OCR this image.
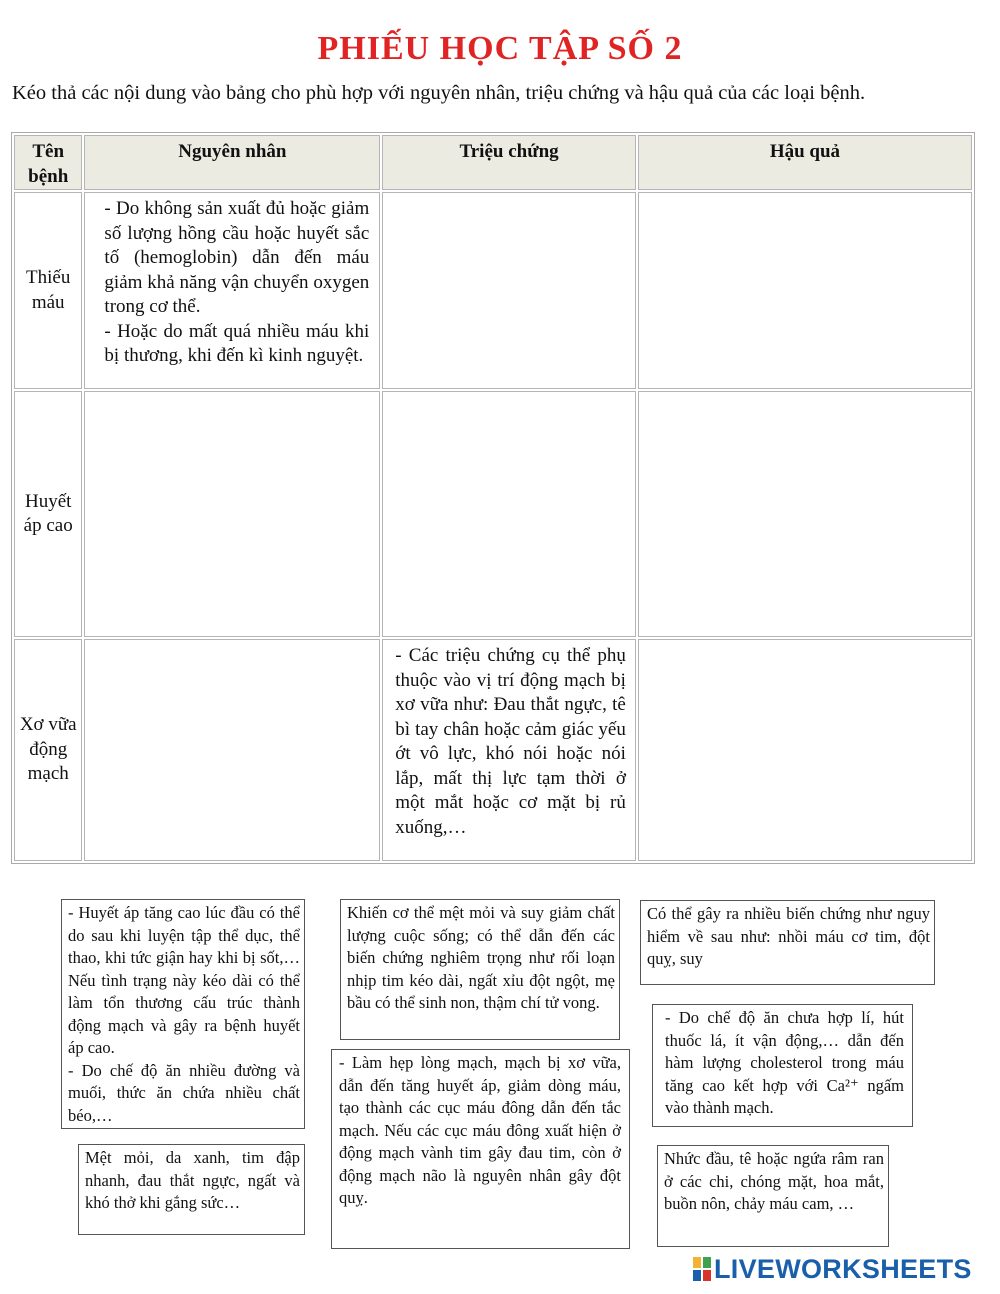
PHIẾU HỌC TẬP SỐ 2
Kéo thả các nội dung vào bảng cho phù hợp với nguyên nhân, triệu chứng và hậu quả của các loại bệnh.
Tên bệnh	Nguyên nhân	Triệu chứng	Hậu quả
Thiếu máu	- Do không sản xuất đủ hoặc giảm số lượng hồng cầu hoặc huyết sắc tố (hemoglobin) dẫn đến máu giảm khả năng vận chuyển oxygen trong cơ thể.
- Hoặc do mất quá nhiều máu khi bị thương, khi đến kì kinh nguyệt.		

Huyết áp cao			
Xơ vữa động mạch		- Các triệu chứng cụ thể phụ thuộc vào vị trí động mạch bị xơ vữa như: Đau thắt ngực, tê bì tay chân hoặc cảm giác yếu ớt vô lực, khó nói hoặc nói lắp, mất thị lực tạm thời ở một mắt hoặc cơ mặt bị rủ xuống,…	
- Huyết áp tăng cao lúc đầu có thể do sau khi luyện tập thể dục, thể thao, khi tức giận hay khi bị sốt,… Nếu tình trạng này kéo dài có thể làm tổn thương cấu trúc thành động mạch và gây ra bệnh huyết áp cao.
- Do chế độ ăn nhiều đường và muối, thức ăn chứa nhiều chất béo,…
Khiến cơ thể mệt mỏi và suy giảm chất lượng cuộc sống; có thể dẫn đến các biến chứng nghiêm trọng như rối loạn nhịp tim kéo dài, ngất xỉu đột ngột, mẹ bầu có thể sinh non, thậm chí tử vong.
Có thể gây ra nhiều biến chứng như nguy hiểm về sau như: nhồi máu cơ tim, đột quỵ, suy
- Do chế độ ăn chưa hợp lí, hút thuốc lá, ít vận động,… dẫn đến hàm lượng cholesterol trong máu tăng cao kết hợp với Ca²⁺ ngấm vào thành mạch.
- Làm hẹp lòng mạch, mạch bị xơ vữa, dẫn đến tăng huyết áp, giảm dòng máu, tạo thành các cục máu đông dẫn đến tắc mạch. Nếu các cục máu đông xuất hiện ở động mạch vành tim gây đau tim, còn ở động mạch não là nguyên nhân gây đột quỵ.
Mệt mỏi, da xanh, tim đập nhanh, đau thắt ngực, ngất và khó thở khi gắng sức…
Nhức đầu, tê hoặc ngứa râm ran ở các chi, chóng mặt, hoa mắt, buồn nôn, chảy máu cam, …
LIVEWORKSHEETS
